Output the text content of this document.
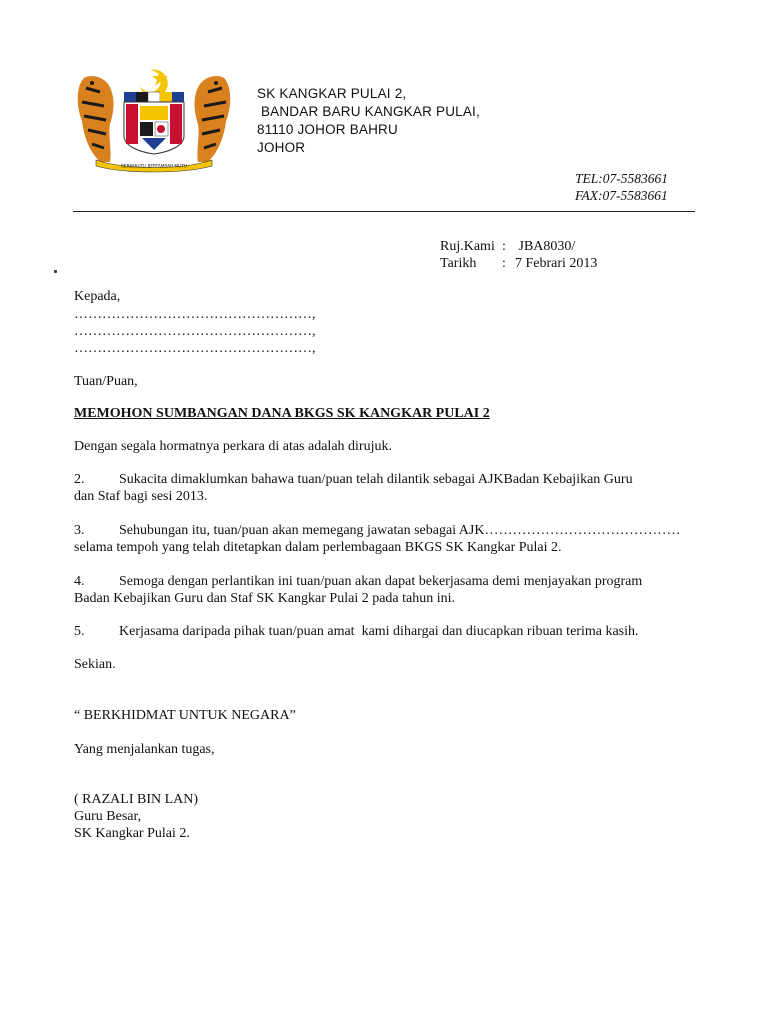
BERSEKUTU BERTAMBAH MUTU
SK KANGKAR PULAI 2,
BANDAR BARU KANGKAR PULAI,
81110 JOHOR BAHRU
JOHOR
TEL:07-5583661
FAX:07-5583661
Ruj.Kami : JBA8030/
Tarikh	: 7 Febrari 2013
Kepada,
……………………………………………,
……………………………………………,
……………………………………………,
Tuan/Puan,
MEMOHON SUMBANGAN DANA BKGS SK KANGKAR PULAI 2
Dengan segala hormatnya perkara di atas adalah dirujuk.
2. Sukacita dimaklumkan bahawa tuan/puan telah dilantik sebagai AJKBadan Kebajikan Guru
dan Staf bagi sesi 2013.
3. Sehubungan itu, tuan/puan akan memegang jawatan sebagai AJK……………………………………
selama tempoh yang telah ditetapkan dalam perlembagaan BKGS SK Kangkar Pulai 2.
4. Semoga dengan perlantikan ini tuan/puan akan dapat bekerjasama demi menjayakan program
Badan Kebajikan Guru dan Staf SK Kangkar Pulai 2 pada tahun ini.
5. Kerjasama daripada pihak tuan/puan amat  kami dihargai dan diucapkan ribuan terima kasih.
Sekian.
“ BERKHIDMAT UNTUK NEGARA”
Yang menjalankan tugas,
( RAZALI BIN LAN)
Guru Besar,
SK Kangkar Pulai 2.
